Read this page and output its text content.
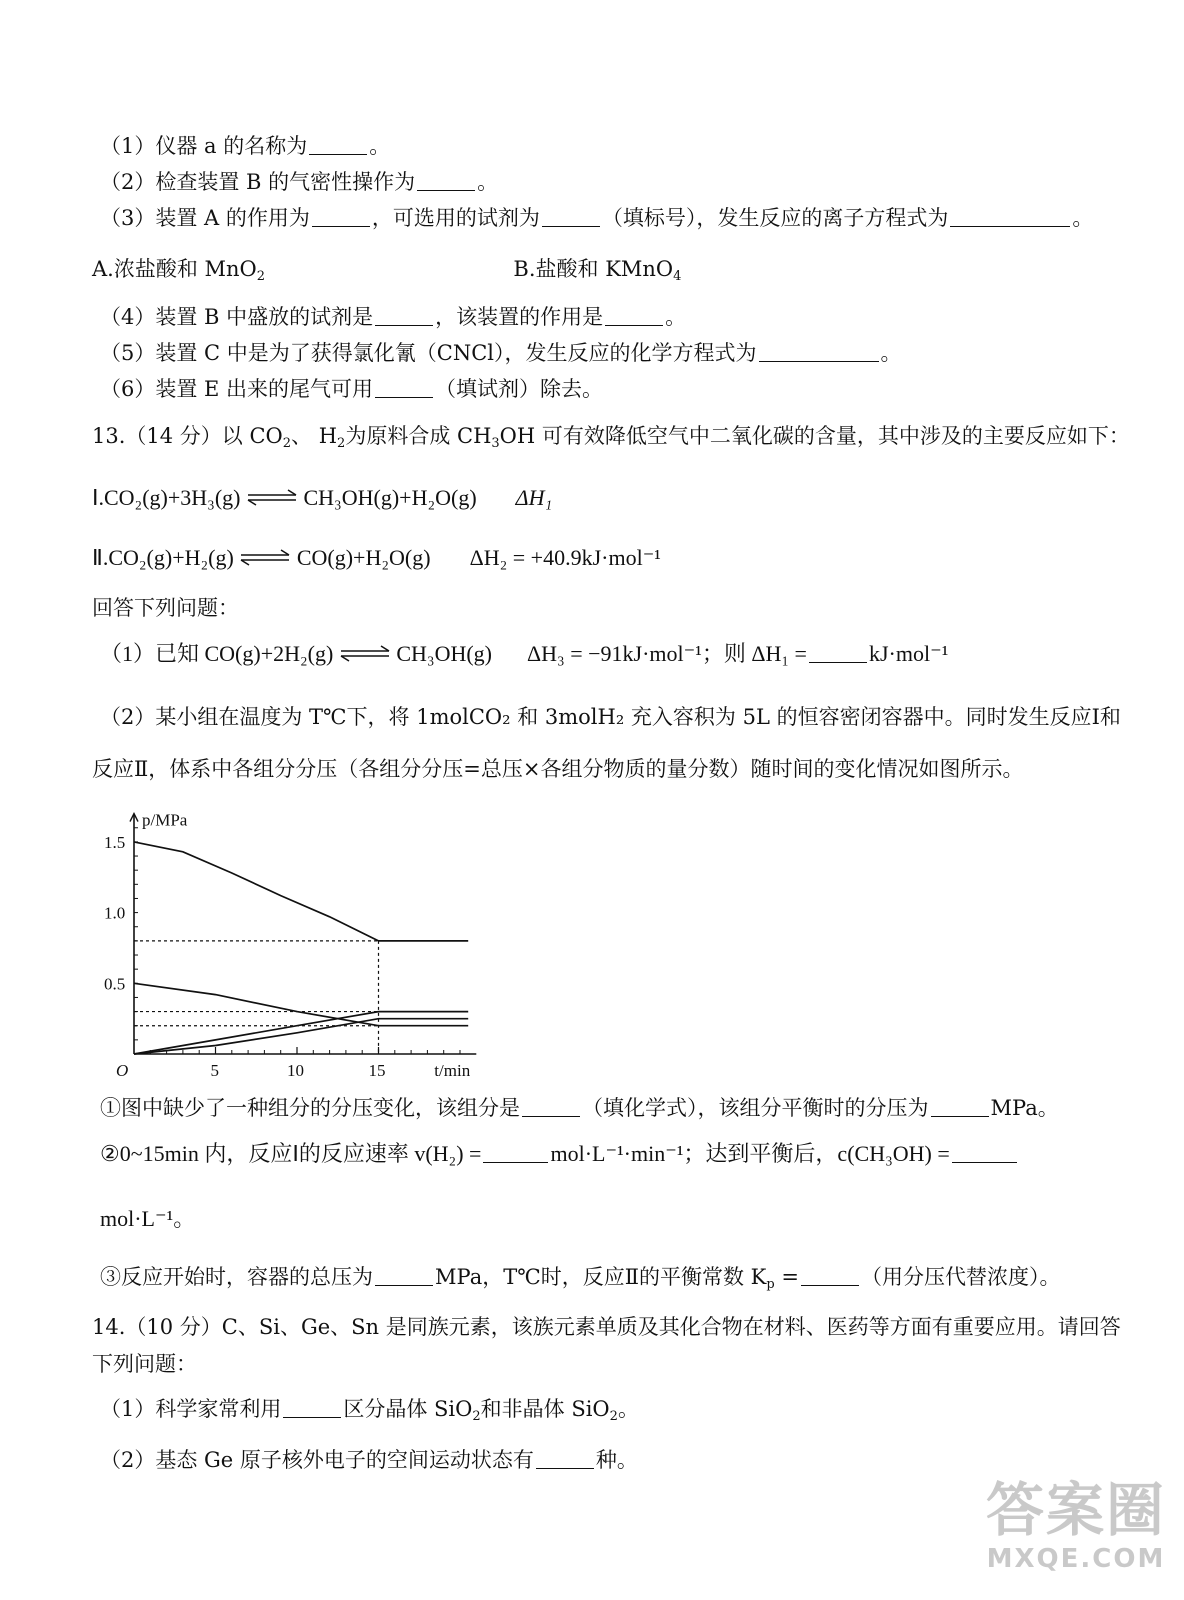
（1）仪器 a 的名称为	。
（2）检查装置 B 的气密性操作为	。
（3）装置 A 的作用为	，可选用的试剂为	（填标号），发生反应的离子方程式为	。
A.浓盐酸和 MnO$_2$	B.盐酸和 KMnO$_4$
（4）装置 B 中盛放的试剂是	，该装置的作用是	。
（5）装置 C 中是为了获得氯化氰（CNCl），发生反应的化学方程式为	。
（6）装置 E 出来的尾气可用	（填试剂）除去。
13.（14 分）以 $CO_2$、 $H_2$为原料合成 $CH_3OH$ 可有效降低空气中二氧化碳的含量，其中涉及的主要反应如下：
Ⅰ.CO₂(g)+3H₃(g) ⇌ CH₃OH(g)+H₂O(g) ΔH₁
Ⅱ.CO₂(g)+H₂(g) ⇌ CO(g)+H₂O(g) ΔH₂ = +40.9kJ·mol⁻¹
回答下列问题：
（1）已知 CO(g)+2H₂(g) ⇌ CH₃OH(g) ΔH₃ = −91kJ·mol⁻¹；则 ΔH₁ =	kJ·mol⁻¹
（2）某小组在温度为 T℃下，将 1molCO₂ 和 3molH₂ 充入容积为 5L 的恒容密闭容器中。同时发生反应Ⅰ和
反应Ⅱ，体系中各组分分压（各组分分压=总压×各组分物质的量分数）随时间的变化情况如图所示。
0.5
1.0
1.5
5	10	15
O
p/MPa
t/min
①图中缺少了一种组分的分压变化，该组分是	（填化学式），该组分平衡时的分压为	MPa。
②0~15min 内，反应Ⅰ的反应速率 v(H₂) =	mol·L⁻¹·min⁻¹；达到平衡后，c(CH₃OH) =
mol·L⁻¹。
③反应开始时，容器的总压为	MPa，T℃时，反应Ⅱ的平衡常数 $K_p$ =	（用分压代替浓度）。
14.（10 分）C、Si、Ge、Sn 是同族元素，该族元素单质及其化合物在材料、医药等方面有重要应用。请回答
下列问题：
（1）科学家常利用	区分晶体 SiO$_2$和非晶体 SiO$_2$。
（2）基态 Ge 原子核外电子的空间运动状态有	种。
答案圈
MXQE.COM
